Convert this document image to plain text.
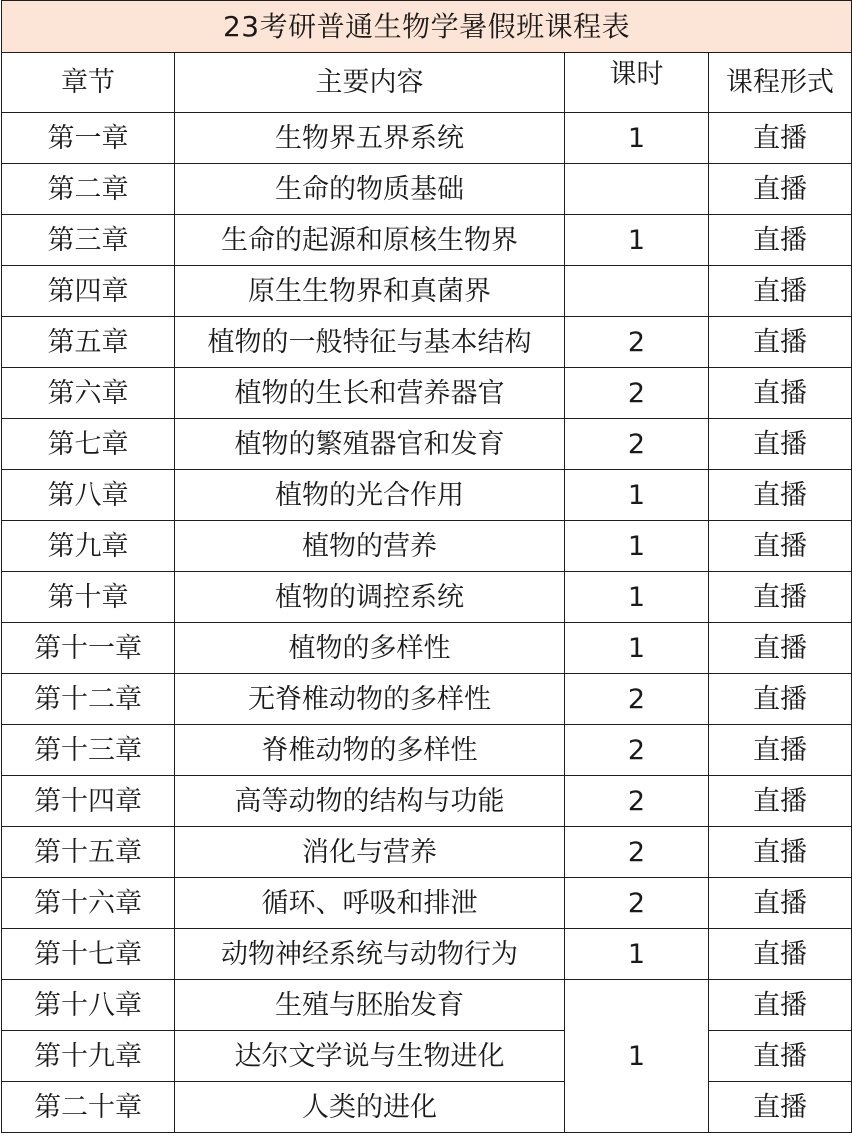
23考研普通生物学暑假班课程表			
章节	主要内容	课时	课程形式
第一章	生物界五界系统	1	直播
第二章	生命的物质基础		直播
第三章	生命的起源和原核生物界	1	直播
第四章	原生生物界和真菌界		直播
第五章	植物的一般特征与基本结构	2	直播
第六章	植物的生长和营养器官	2	直播
第七章	植物的繁殖器官和发育	2	直播
第八章	植物的光合作用	1	直播
第九章	植物的营养	1	直播
第十章	植物的调控系统	1	直播
第十一章	植物的多样性	1	直播
第十二章	无脊椎动物的多样性	2	直播
第十三章	脊椎动物的多样性	2	直播
第十四章	高等动物的结构与功能	2	直播
第十五章	消化与营养	2	直播
第十六章	循环、呼吸和排泄	2	直播
第十七章	动物神经系统与动物行为	1	直播
第十八章	生殖与胚胎发育	1	直播
第十九章	达尔文学说与生物进化		直播
第二十章	人类的进化		直播
